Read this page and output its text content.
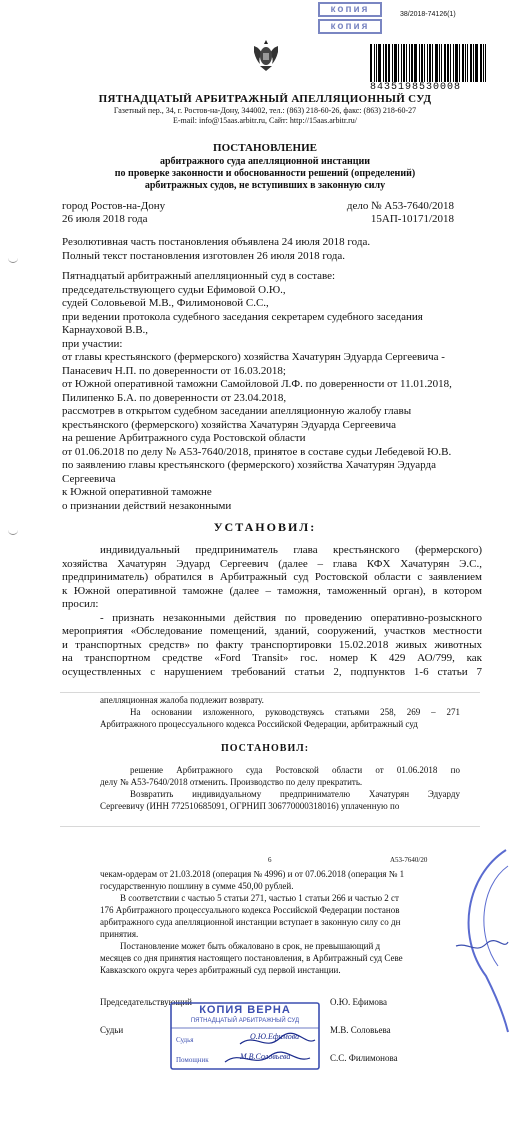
копия
копия
38/2018-74126(1)
8435198530008
ПЯТНАДЦАТЫЙ АРБИТРАЖНЫЙ АПЕЛЛЯЦИОННЫЙ СУД
Газетный пер., 34, г. Ростов-на-Дону, 344002, тел.: (863) 218-60-26, факс: (863) 218-60-27
E-mail: info@15aas.arbitr.ru, Сайт: http://15aas.arbitr.ru/
ПОСТАНОВЛЕНИЕ
арбитражного суда апелляционной инстанции
по проверке законности и обоснованности решений (определений)
арбитражных судов, не вступивших в законную силу
город Ростов-на-Дону
26 июля 2018 года
дело № А53-7640/2018
15АП-10171/2018
Резолютивная часть постановления объявлена 24 июля 2018 года.
Полный текст постановления изготовлен 26 июля 2018 года.
Пятнадцатый арбитражный апелляционный суд в составе:
председательствующего судьи Ефимовой О.Ю.,
судей Соловьевой М.В., Филимоновой С.С.,
при ведении протокола судебного заседания секретарем судебного заседания
Карнауховой В.В.,
при участии:
от главы крестьянского (фермерского) хозяйства Хачатурян Эдуарда Сергеевича -
Панасевич Н.П. по доверенности от 16.03.2018;
от Южной оперативной таможни Самойловой Л.Ф. по доверенности от 11.01.2018,
Пилипенко Б.А. по доверенности от 23.04.2018,
рассмотрев в открытом судебном заседании апелляционную жалобу главы
крестьянского (фермерского) хозяйства Хачатурян Эдуарда Сергеевича
на решение Арбитражного суда Ростовской области
от 01.06.2018 по делу № А53-7640/2018, принятое в составе судьи Лебедевой Ю.В.
по заявлению главы крестьянского (фермерского) хозяйства Хачатурян Эдуарда
Сергеевича
к Южной оперативной таможне
о признании действий незаконными
УСТАНОВИЛ:
индивидуальный предприниматель глава крестьянского (фермерского)
хозяйства Хачатурян Эдуард Сергеевич (далее – глава КФХ Хачатурян Э.С.,
предприниматель) обратился в Арбитражный суд Ростовской области с заявлением
к Южной оперативной таможне (далее – таможня, таможенный орган), в котором
просил:
- признать незаконными действия по проведению оперативно-розыскного
мероприятия «Обследование помещений, зданий, сооружений, участков местности
и транспортных средств» по факту транспортировки 15.02.2018 живых животных
на транспортном средстве «Ford Transit» гос. номер К 429 АО/799, как
осуществленных с нарушением требований статьи 2, подпунктов 1-6 статьи 7
апелляционная жалоба подлежит возврату.
На основании изложенного, руководствуясь статьями 258, 269 – 271
Арбитражного процессуального кодекса Российской Федерации, арбитражный суд
ПОСТАНОВИЛ:
решение Арбитражного суда Ростовской области от 01.06.2018 по
делу № А53-7640/2018 отменить. Производство по делу прекратить.
Возвратить индивидуальному предпринимателю Хачатурян Эдуарду
Сергеевичу (ИНН 772510685091, ОГРНИП 306770000318016) уплаченную по
6	А53-7640/20
чекам-ордерам от 21.03.2018 (операция № 4996) и от 07.06.2018 (операция № 1
государственную пошлину в сумме 450,00 рублей.
В соответствии с частью 5 статьи 271, частью 1 статьи 266 и частью 2 ст
176 Арбитражного процессуального кодекса Российской Федерации постанов
арбитражного суда апелляционной инстанции вступает в законную силу со дн
принятия.
Постановление может быть обжаловано в срок, не превышающий д
месяцев со дня принятия настоящего постановления, в Арбитражный суд Севе
Кавказского округа через арбитражный суд первой инстанции.
Председательствующий
Судьи
О.Ю. Ефимова
М.В. Соловьева
С.С. Филимонова
КОПИЯ ВЕРНА
ПЯТНАДЦАТЫЙ АРБИТРАЖНЫЙ СУД
Судья
Помощник
О.Ю.Ефимова
М.В.Соловьева
